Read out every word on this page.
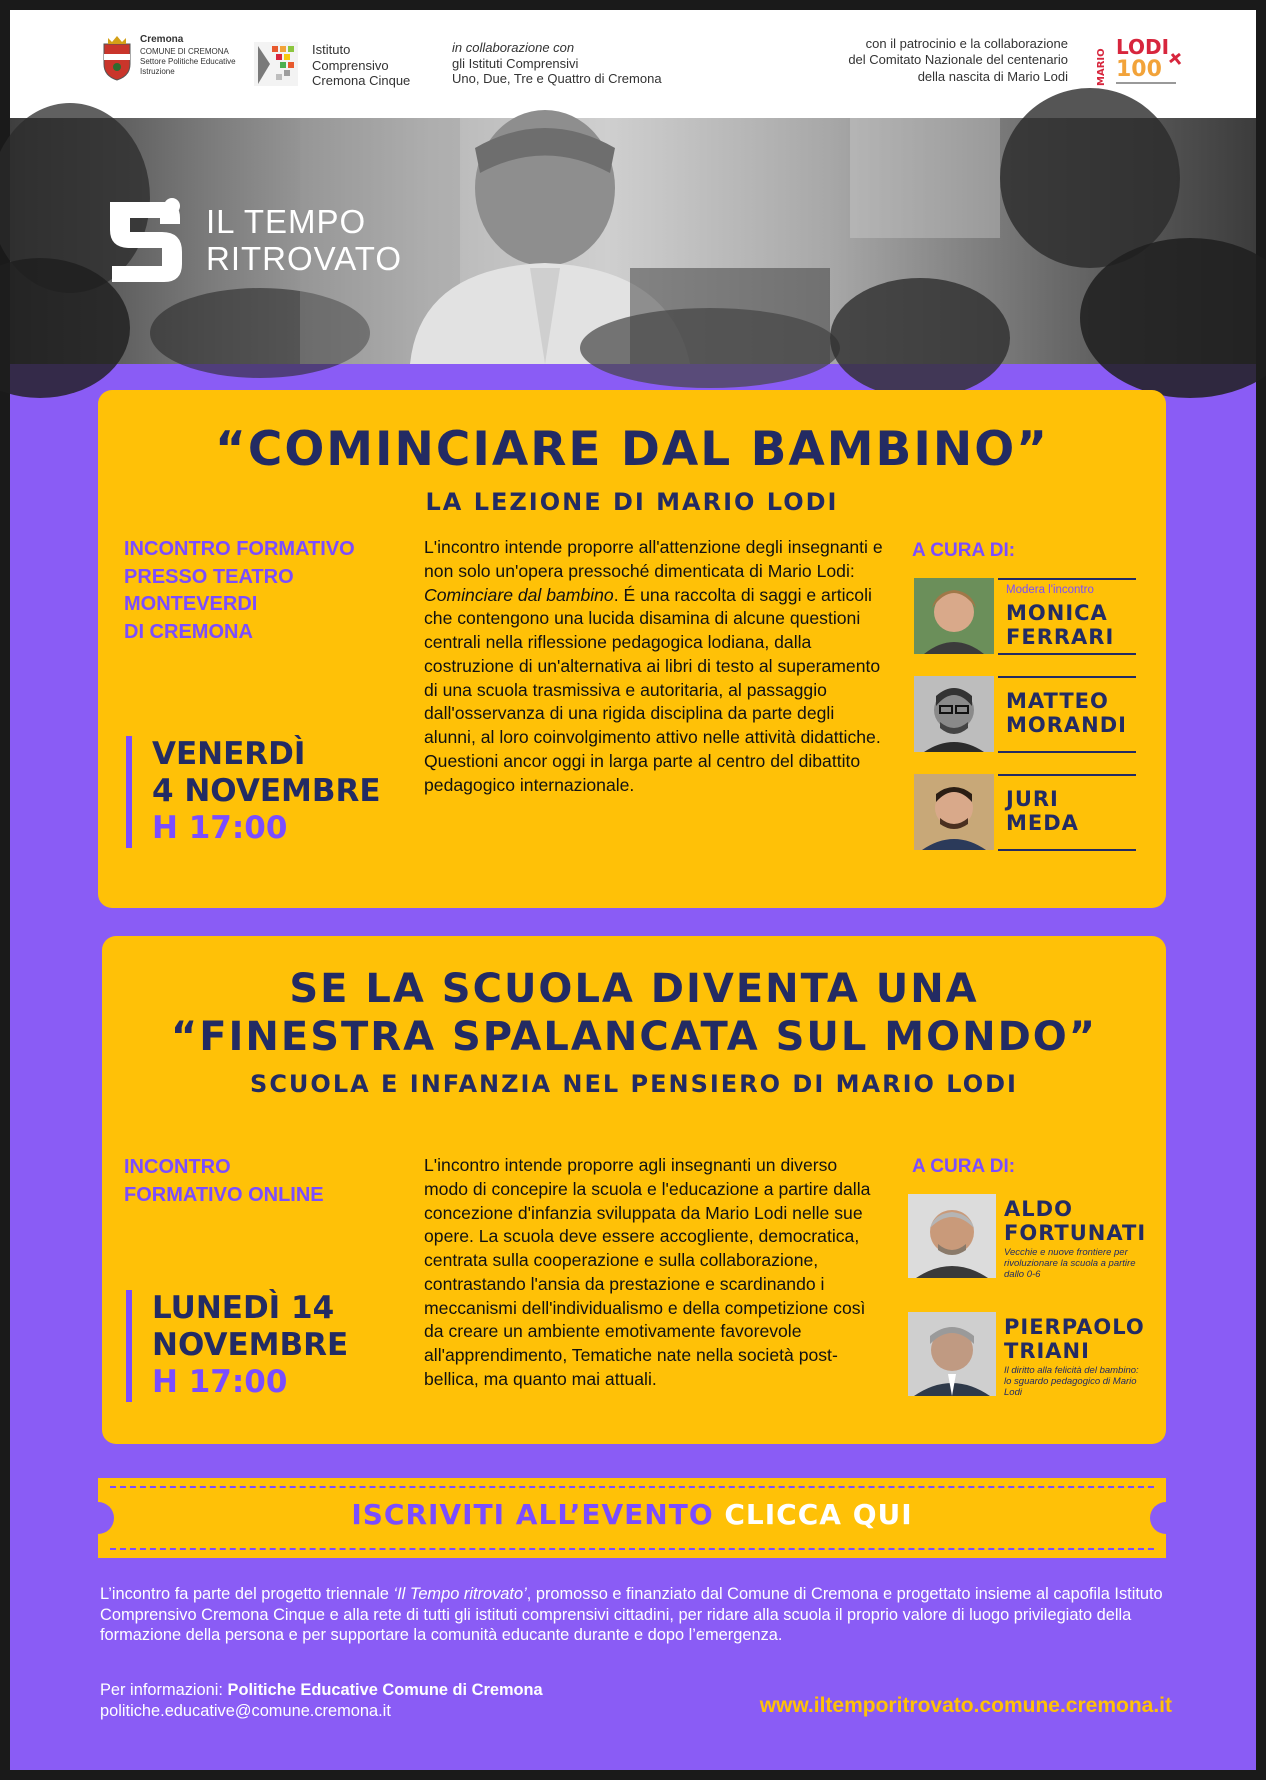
Cremona
COMUNE DI CREMONA
Settore Politiche Educative
Istruzione
Istituto
Comprensivo
Cremona Cinque
in collaborazione con
gli Istituti Comprensivi
Uno, Due, Tre e Quattro di Cremona
con il patrocinio e la collaborazione
del Comitato Nazionale del centenario
della nascita di Mario Lodi	MARIO
LODI
100
IL TEMPO
RITROVATO
“COMINCIARE DAL BAMBINO”
LA LEZIONE DI MARIO LODI
INCONTRO FORMATIVO
PRESSO TEATRO
MONTEVERDI
DI CREMONA
VENERDÌ
4 NOVEMBRE
H 17:00
L'incontro intende proporre all'attenzione degli insegnanti e non solo un'opera pressoché dimenticata di Mario Lodi: Cominciare dal bambino. É una raccolta di saggi e articoli che contengono una lucida disamina di alcune questioni centrali nella riflessione pedagogica lodiana, dalla costruzione di un'alternativa ai libri di testo al superamento di una scuola trasmissiva e autoritaria, al passaggio dall'osservanza di una rigida disciplina da parte degli alunni, al loro coinvolgimento attivo nelle attività didattiche. Questioni ancor oggi in larga parte al centro del dibattito pedagogico internazionale.
A CURA DI:
Modera l'incontro
MONICA
FERRARI
MATTEO
MORANDI
JURI
MEDA
SE LA SCUOLA DIVENTA UNA
“FINESTRA SPALANCATA SUL MONDO”
SCUOLA E INFANZIA NEL PENSIERO DI MARIO LODI
INCONTRO
FORMATIVO ONLINE
LUNEDÌ 14
NOVEMBRE
H 17:00
L'incontro intende proporre agli insegnanti un diverso modo di concepire la scuola e l'educazione a partire dalla concezione d'infanzia sviluppata da Mario Lodi nelle sue opere. La scuola deve essere accogliente, democratica, centrata sulla cooperazione e sulla collaborazione, contrastando l'ansia da prestazione e scardinando i meccanismi dell'individualismo e della competizione così da creare un ambiente emotivamente favorevole all'apprendimento, Tematiche nate nella società post-bellica, ma quanto mai attuali.
A CURA DI:
ALDO
FORTUNATI
Vecchie e nuove frontiere per rivoluzionare la scuola a partire dallo 0-6
PIERPAOLO
TRIANI
Il diritto alla felicità del bambino: lo sguardo pedagogico di Mario Lodi
ISCRIVITI ALL’EVENTO CLICCA QUI
L’incontro fa parte del progetto triennale ‘Il Tempo ritrovato’, promosso e finanziato dal Comune di Cremona e progettato insieme al capofila Istituto Comprensivo Cremona Cinque e alla rete di tutti gli istituti comprensivi cittadini, per ridare alla scuola il proprio valore di luogo privilegiato della formazione della persona e per supportare la comunità educante durante e dopo l’emergenza.
Per informazioni: Politiche Educative Comune di Cremona
politiche.educative@comune.cremona.it	www.iltemporitrovato.comune.cremona.it
